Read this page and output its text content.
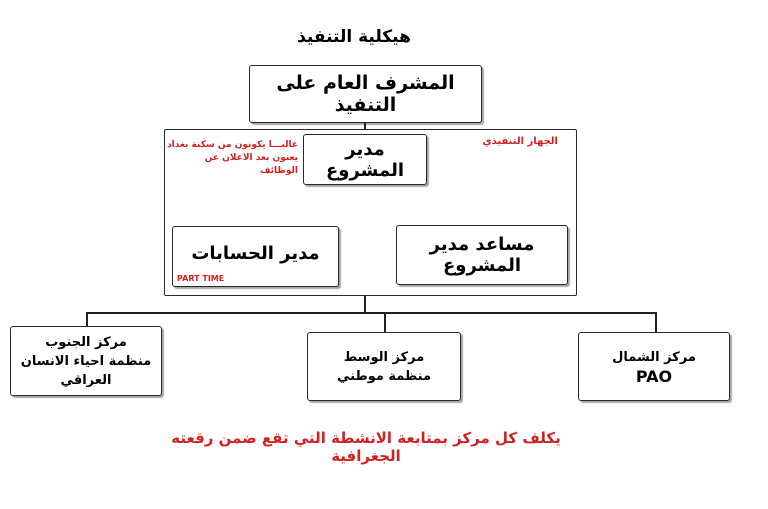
هيكلية التنفيذ
المشرف العام على التنفيذ
الجهاز التنفيذي
غالبـــا يكونون من سكنة بغداد
يعنون بعد الاعلان عن الوظائف
مدير المشروع
مدير الحسابات
PART TIME
مساعد مدير المشروع
مركز الجنوب
منظمة احياء الانسان العراقي
مركز الوسط
منظمة موطني
مركز الشمال
PAO
يكلف كل مركز بمتابعة الانشطة التي تقع ضمن رقعته الجغرافية
